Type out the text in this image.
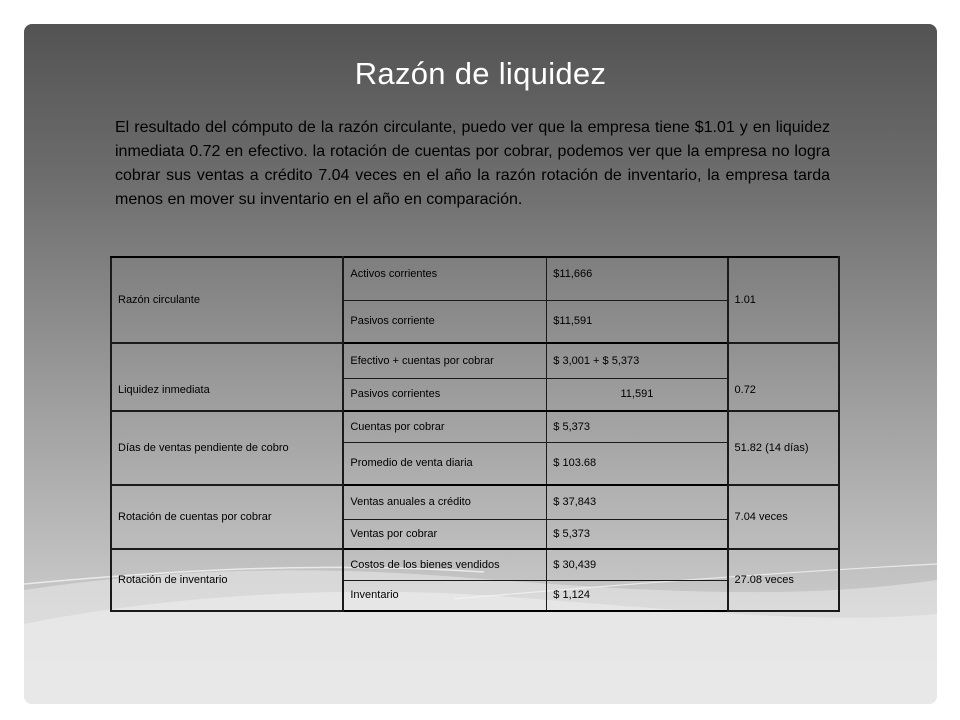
Razón de liquidez
El resultado del cómputo de la razón circulante, puedo ver que la empresa tiene $1.01 y en liquidez inmediata 0.72 en efectivo. la rotación de cuentas por cobrar, podemos ver que la empresa no logra cobrar sus ventas a crédito 7.04 veces en el año la razón rotación de inventario, la empresa tarda menos en mover su inventario en el año en comparación.
Razón circulante	Activos corrientes	$11,666	1.01
	Pasivos corriente	$11,591	
Liquidez inmediata	Efectivo + cuentas por cobrar	$ 3,001 + $ 5,373	0.72
	Pasivos corrientes	11,591	
Días de ventas pendiente de cobro	Cuentas por cobrar	$ 5,373	51.82 (14 días)
	Promedio de venta diaria	$ 103.68	
Rotación de cuentas por cobrar	Ventas anuales a crédito	$ 37,843	7.04 veces
	Ventas por cobrar	$ 5,373	
Rotación de inventario	Costos de los bienes vendidos	$ 30,439	27.08 veces
	Inventario	$ 1,124	
